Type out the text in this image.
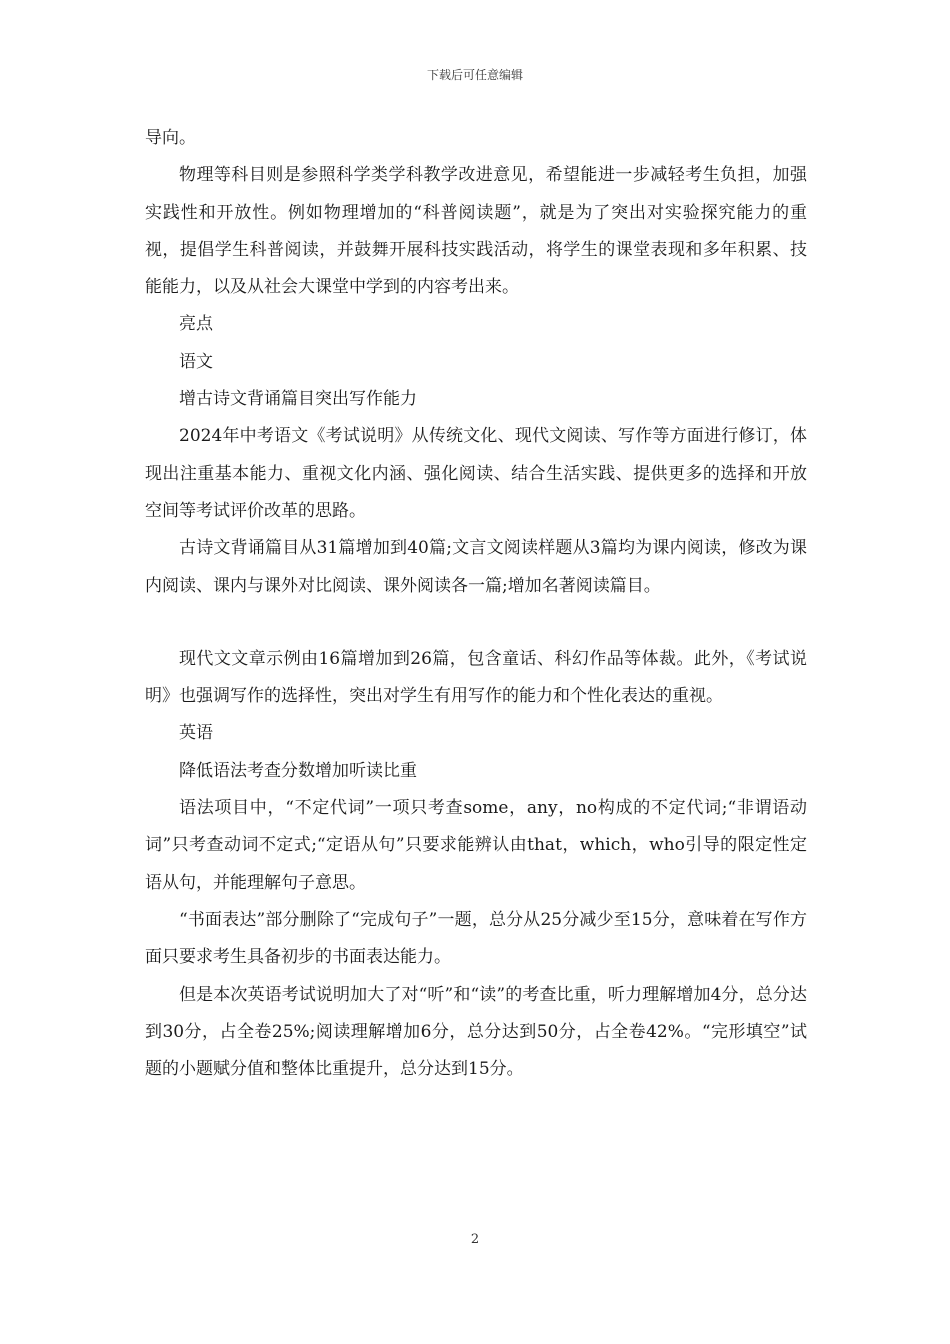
下载后可任意编辑

导向。

物理等科目则是参照科学类学科教学改进意见，希望能进一步减轻考生负担，加强实践性和开放性。例如物理增加的“科普阅读题”，就是为了突出对实验探究能力的重视，提倡学生科普阅读，并鼓舞开展科技实践活动，将学生的课堂表现和多年积累、技能能力，以及从社会大课堂中学到的内容考出来。

亮点

语文

增古诗文背诵篇目突出写作能力

2024年中考语文《考试说明》从传统文化、现代文阅读、写作等方面进行修订，体现出注重基本能力、重视文化内涵、强化阅读、结合生活实践、提供更多的选择和开放空间等考试评价改革的思路。

古诗文背诵篇目从31篇增加到40篇;文言文阅读样题从3篇均为课内阅读，修改为课内阅读、课内与课外对比阅读、课外阅读各一篇;增加名著阅读篇目。

现代文文章示例由16篇增加到26篇，包含童话、科幻作品等体裁。此外，《考试说明》也强调写作的选择性，突出对学生有用写作的能力和个性化表达的重视。

英语

降低语法考查分数增加听读比重

语法项目中，“不定代词”一项只考查some，any，no构成的不定代词;“非谓语动词”只考查动词不定式;“定语从句”只要求能辨认由that，which，who引导的限定性定语从句，并能理解句子意思。

“书面表达”部分删除了“完成句子”一题，总分从25分减少至15分，意味着在写作方面只要求考生具备初步的书面表达能力。

但是本次英语考试说明加大了对“听”和“读”的考查比重，听力理解增加4分，总分达到30分，占全卷25%;阅读理解增加6分，总分达到50分，占全卷42%。“完形填空”试题的小题赋分值和整体比重提升，总分达到15分。

2
